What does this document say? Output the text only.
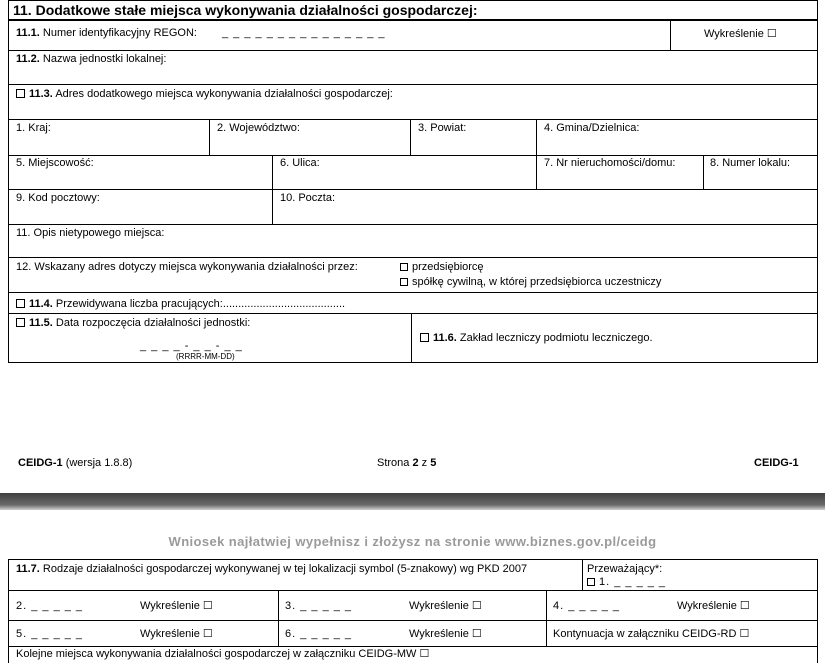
11. Dodatkowe stałe miejsca wykonywania działalności gospodarczej:
11.1. Numer identyfikacyjny REGON: _ _ _ _ _ _ _ _ _ _ _ _ _ _ _	Wykreślenie ☐
11.2. Nazwa jednostki lokalnej:
11.3. Adres dodatkowego miejsca wykonywania działalności gospodarczej:
1. Kraj:	2. Województwo:	3. Powiat:	4. Gmina/Dzielnica:
5. Miejscowość:	6. Ulica:	7. Nr nieruchomości/domu:	8. Numer lokalu:
9. Kod pocztowy:	10. Poczta:
11. Opis nietypowego miejsca:
12. Wskazany adres dotyczy miejsca wykonywania działalności przez:	przedsiębiorcę
spółkę cywilną, w której przedsiębiorca uczestniczy
11.4. Przewidywana liczba pracujących:........................................
11.5. Data rozpoczęcia działalności jednostki:
_ _ _ _ - _ _ - _ _
(RRRR-MM-DD)
11.6. Zakład leczniczy podmiotu leczniczego.
CEIDG-1 (wersja 1.8.8)	Strona 2 z 5	CEIDG-1
Wniosek najłatwiej wypełnisz i złożysz na stronie www.biznes.gov.pl/ceidg
11.7. Rodzaje działalności gospodarczej wykonywanej w tej lokalizacji symbol (5-znakowy) wg PKD 2007	Przeważający*:
1. _ _ _ _ _
2. _ _ _ _ _	Wykreślenie ☐	3. _ _ _ _ _	Wykreślenie ☐	4. _ _ _ _ _	Wykreślenie ☐
5. _ _ _ _ _	Wykreślenie ☐	6. _ _ _ _ _	Wykreślenie ☐	Kontynuacja w załączniku CEIDG-RD ☐
Kolejne miejsca wykonywania działalności gospodarczej w załączniku CEIDG-MW ☐
